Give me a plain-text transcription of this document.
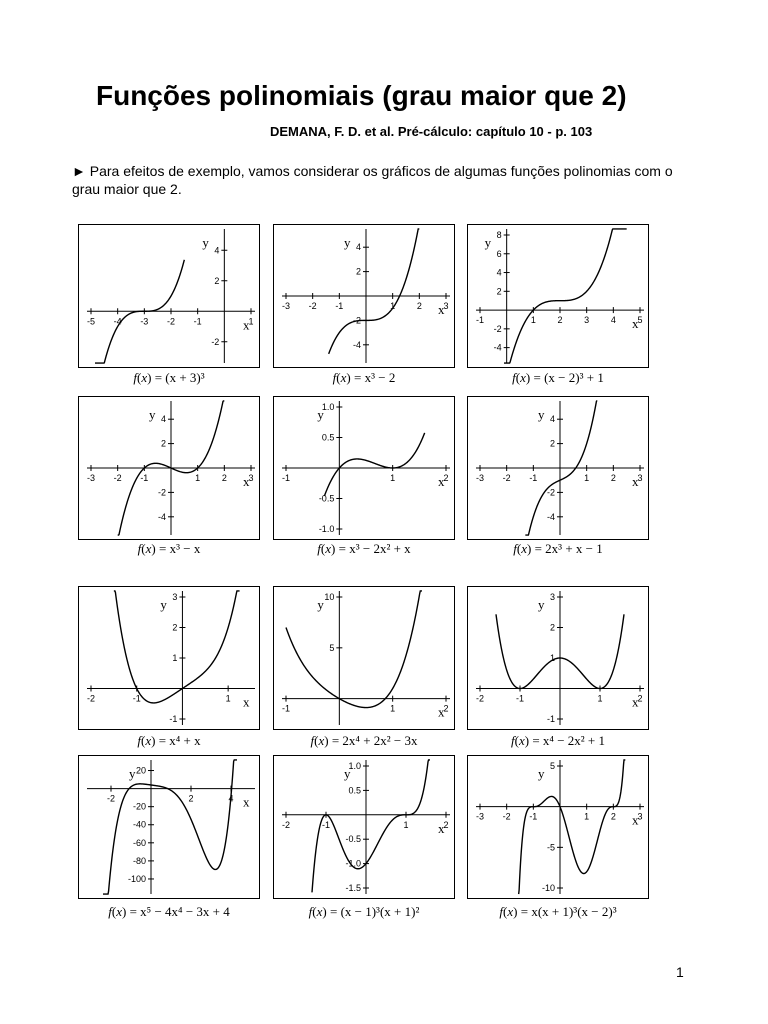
Funções polinomiais (grau maior que 2)
DEMANA, F. D. et al. Pré-cálculo: capítulo 10 - p. 103
► Para efeitos de exemplo, vamos considerar os gráficos de algumas funções polinomias com o grau maior que 2.
-5 -4 -3 -2 -1	1
-2
2
4
y
x
f(x) = (x + 3)³
-3 -2 -1	1 2 3
-4
-2
2
4
y
x
f(x) = x³ − 2
-1	1 2 3 4 5
-4
-2
2
4
6
8
y
x
f(x) = (x − 2)³ + 1
-3 -2 -1	1 2 3
-4
-2
2
4
y
x
f(x) = x³ − x
-1	1	2
-1.0
-0.5
0.5
1.0
y
x
f(x) = x³ − 2x² + x
-3 -2 -1	1 2 3
-4
-2
2
4
y
x
f(x) = 2x³ + x − 1
-2	-1	1
-1
1
2
3
y
x
f(x) = x⁴ + x
-1	1	2
5
10
y
x
f(x) = 2x⁴ + 2x² − 3x
-2	-1	1	2
-1
1
2
3
y
x
f(x) = x⁴ − 2x² + 1
-2	2	4
-100
-80
-60
-40
-20
20
y
x
f(x) = x⁵ − 4x⁴ − 3x + 4
-2	-1	1	2
-1.5
-1.0
-0.5
0.5
1.0
y
x
f(x) = (x − 1)³(x + 1)²
-3 -2 -1	1 2 3
-10
-5
5
y
x
f(x) = x(x + 1)³(x − 2)³
1
